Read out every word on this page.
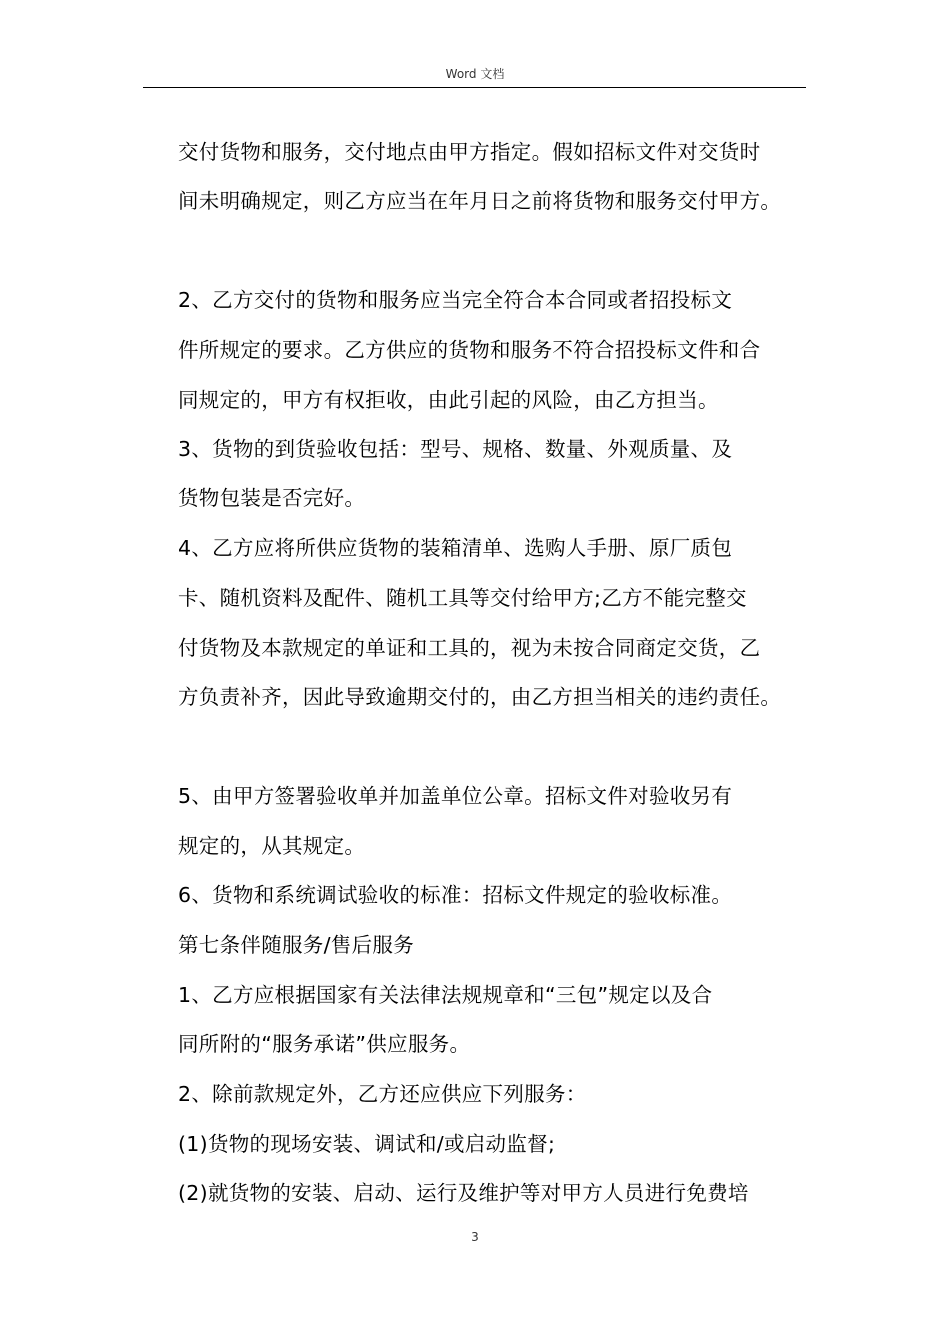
Word 文档
交付货物和服务，交付地点由甲方指定。假如招标文件对交货时
间未明确规定，则乙方应当在年月日之前将货物和服务交付甲方。
2、乙方交付的货物和服务应当完全符合本合同或者招投标文
件所规定的要求。乙方供应的货物和服务不符合招投标文件和合
同规定的，甲方有权拒收，由此引起的风险，由乙方担当。
3、货物的到货验收包括：型号、规格、数量、外观质量、及
货物包装是否完好。
4、乙方应将所供应货物的装箱清单、选购人手册、原厂质包
卡、随机资料及配件、随机工具等交付给甲方;乙方不能完整交
付货物及本款规定的单证和工具的，视为未按合同商定交货，乙
方负责补齐，因此导致逾期交付的，由乙方担当相关的违约责任。
5、由甲方签署验收单并加盖单位公章。招标文件对验收另有
规定的，从其规定。
6、货物和系统调试验收的标准：招标文件规定的验收标准。
第七条伴随服务/售后服务
1、乙方应根据国家有关法律法规规章和“三包”规定以及合
同所附的“服务承诺”供应服务。
2、除前款规定外，乙方还应供应下列服务：
(1)货物的现场安装、调试和/或启动监督;
(2)就货物的安装、启动、运行及维护等对甲方人员进行免费培
3
